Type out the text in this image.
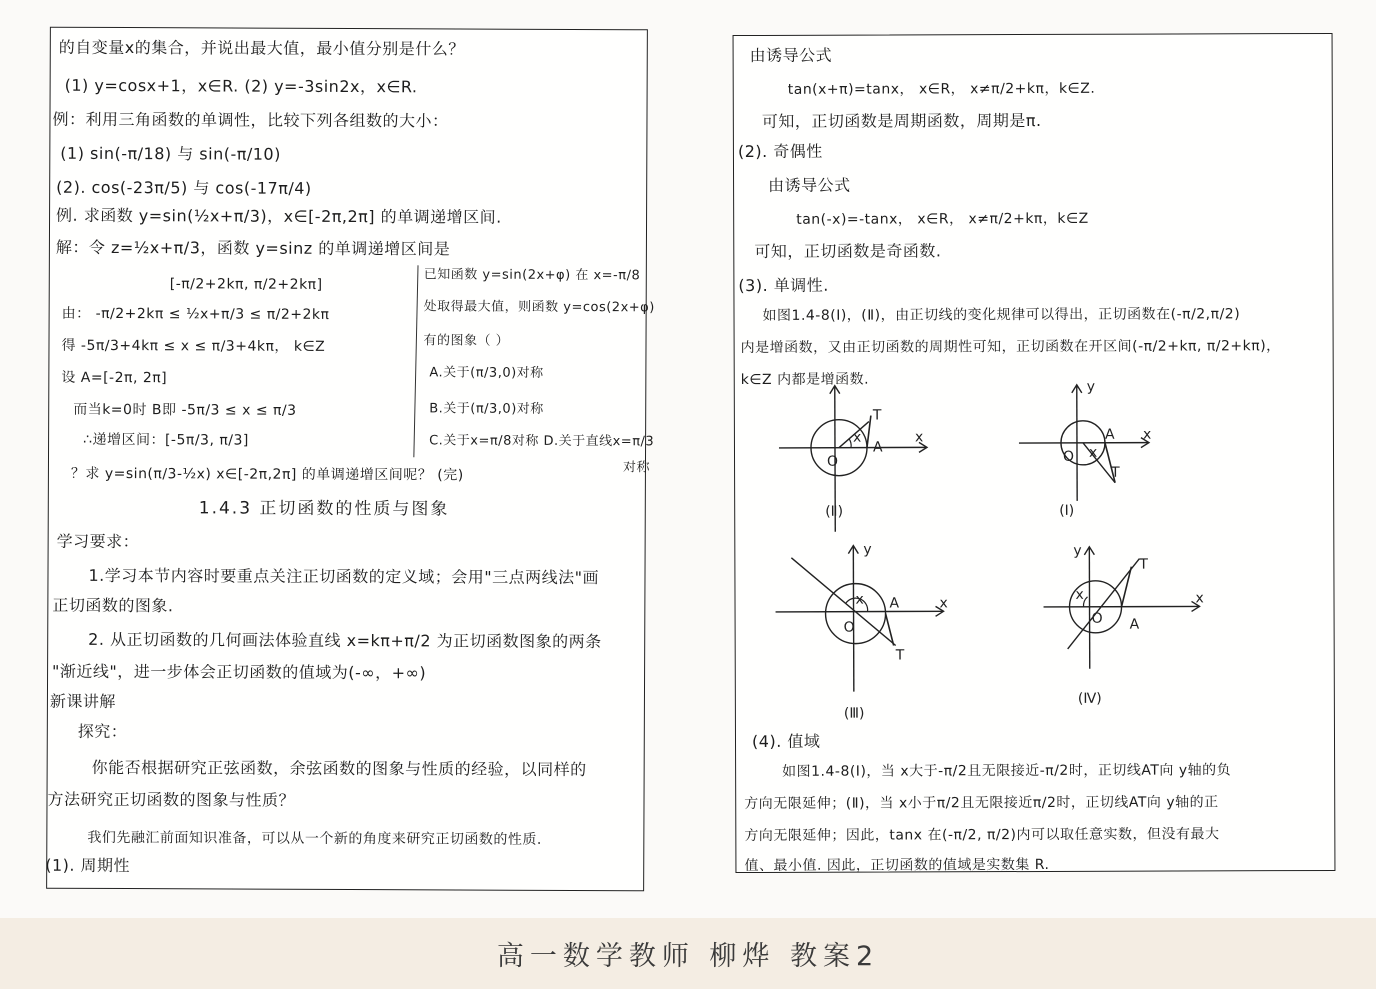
的自变量x的集合，并说出最大值，最小值分别是什么？
(1) y=cosx+1，x∈R. (2) y=-3sin2x，x∈R.
例：利用三角函数的单调性，比较下列各组数的大小：
(1) sin(-π/18) 与 sin(-π/10)
(2). cos(-23π/5) 与 cos(-17π/4)
例. 求函数 y=sin(½x+π/3)，x∈[-2π,2π] 的单调递增区间.
解：令 z=½x+π/3，函数 y=sinz 的单调递增区间是
[-π/2+2kπ, π/2+2kπ]
由： -π/2+2kπ ≤ ½x+π/3 ≤ π/2+2kπ
得 -5π/3+4kπ ≤ x ≤ π/3+4kπ， k∈Z
设 A=[-2π, 2π]
而当k=0时 B即 -5π/3 ≤ x ≤ π/3
∴递增区间：[-5π/3, π/3]
？求 y=sin(π/3-½x) x∈[-2π,2π] 的单调递增区间呢？ (完)
1.4.3 正切函数的性质与图象
学习要求：
1.学习本节内容时要重点关注正切函数的定义域；会用"三点两线法"画
正切函数的图象.
2. 从正切函数的几何画法体验直线 x=kπ+π/2 为正切函数图象的两条
"渐近线"，进一步体会正切函数的值域为(-∞，+∞)
新课讲解
探究：
你能否根据研究正弦函数，余弦函数的图象与性质的经验，以同样的
方法研究正切函数的图象与性质？
我们先融汇前面知识准备，可以从一个新的角度来研究正切函数的性质.
(1). 周期性
已知函数 y=sin(2x+φ) 在 x=-π/8
处取得最大值，则函数 y=cos(2x+φ)
有的图象（ ）
A.关于(π/3,0)对称
B.关于(π/3,0)对称
C.关于x=π/8对称 D.关于直线x=π/3
对称
由诱导公式
tan(x+π)=tanx， x∈R， x≠π/2+kπ，k∈Z.
可知，正切函数是周期函数，周期是π.
(2). 奇偶性
由诱导公式
tan(-x)=-tanx， x∈R， x≠π/2+kπ，k∈Z
可知，正切函数是奇函数.
(3). 单调性.
如图1.4-8(Ⅰ)，(Ⅱ)，由正切线的变化规律可以得出，正切函数在(-π/2,π/2)
内是增函数，又由正切函数的周期性可知，正切函数在开区间(-π/2+kπ, π/2+kπ)，
k∈Z 内都是增函数.
O
A
T
x	x
(Ⅱ)
O
A
T
x
x
y
(Ⅰ)
O
A
T
x	x
y
(Ⅲ)
O A
T
x	x
y
(Ⅳ)
(4). 值域
如图1.4-8(Ⅰ)，当 x大于-π/2且无限接近-π/2时，正切线AT向 y轴的负
方向无限延伸；(Ⅱ)，当 x小于π/2且无限接近π/2时，正切线AT向 y轴的正
方向无限延伸；因此，tanx 在(-π/2, π/2)内可以取任意实数，但没有最大
值、最小值. 因此，正切函数的值域是实数集 R.
高一数学教师 柳烨 教案2
